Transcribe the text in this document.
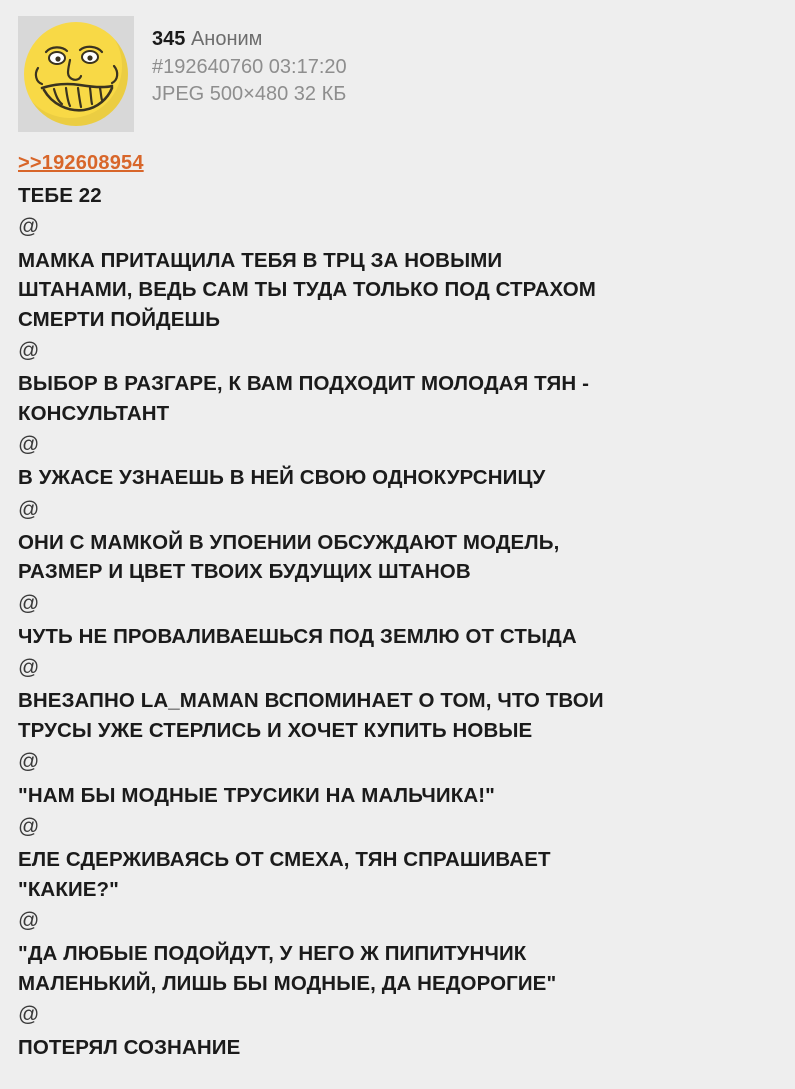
345 Аноним
#192640760 03:17:20
JPEG 500×480 32 КБ
>>192608954

ТЕБЕ 22

@

МАМКА ПРИТАЩИЛА ТЕБЯ В ТРЦ ЗА НОВЫМИ

ШТАНАМИ, ВЕДЬ САМ ТЫ ТУДА ТОЛЬКО ПОД СТРАХОМ

СМЕРТИ ПОЙДЕШЬ

@

ВЫБОР В РАЗГАРЕ, К ВАМ ПОДХОДИТ МОЛОДАЯ ТЯН -

КОНСУЛЬТАНТ

@

В УЖАСЕ УЗНАЕШЬ В НЕЙ СВОЮ ОДНОКУРСНИЦУ

@

ОНИ С МАМКОЙ В УПОЕНИИ ОБСУЖДАЮТ МОДЕЛЬ,

РАЗМЕР И ЦВЕТ ТВОИХ БУДУЩИХ ШТАНОВ

@

ЧУТЬ НЕ ПРОВАЛИВАЕШЬСЯ ПОД ЗЕМЛЮ ОТ СТЫДА

@

ВНЕЗАПНО LA_MAMAN ВСПОМИНАЕТ О ТОМ, ЧТО ТВОИ

ТРУСЫ УЖЕ СТЕРЛИСЬ И ХОЧЕТ КУПИТЬ НОВЫЕ

@

"НАМ БЫ МОДНЫЕ ТРУСИКИ НА МАЛЬЧИКА!"

@

ЕЛЕ СДЕРЖИВАЯСЬ ОТ СМЕХА, ТЯН СПРАШИВАЕТ

"КАКИЕ?"

@

"ДА ЛЮБЫЕ ПОДОЙДУТ, У НЕГО Ж ПИПИТУНЧИК

МАЛЕНЬКИЙ, ЛИШЬ БЫ МОДНЫЕ, ДА НЕДОРОГИЕ"

@

ПОТЕРЯЛ СОЗНАНИЕ
